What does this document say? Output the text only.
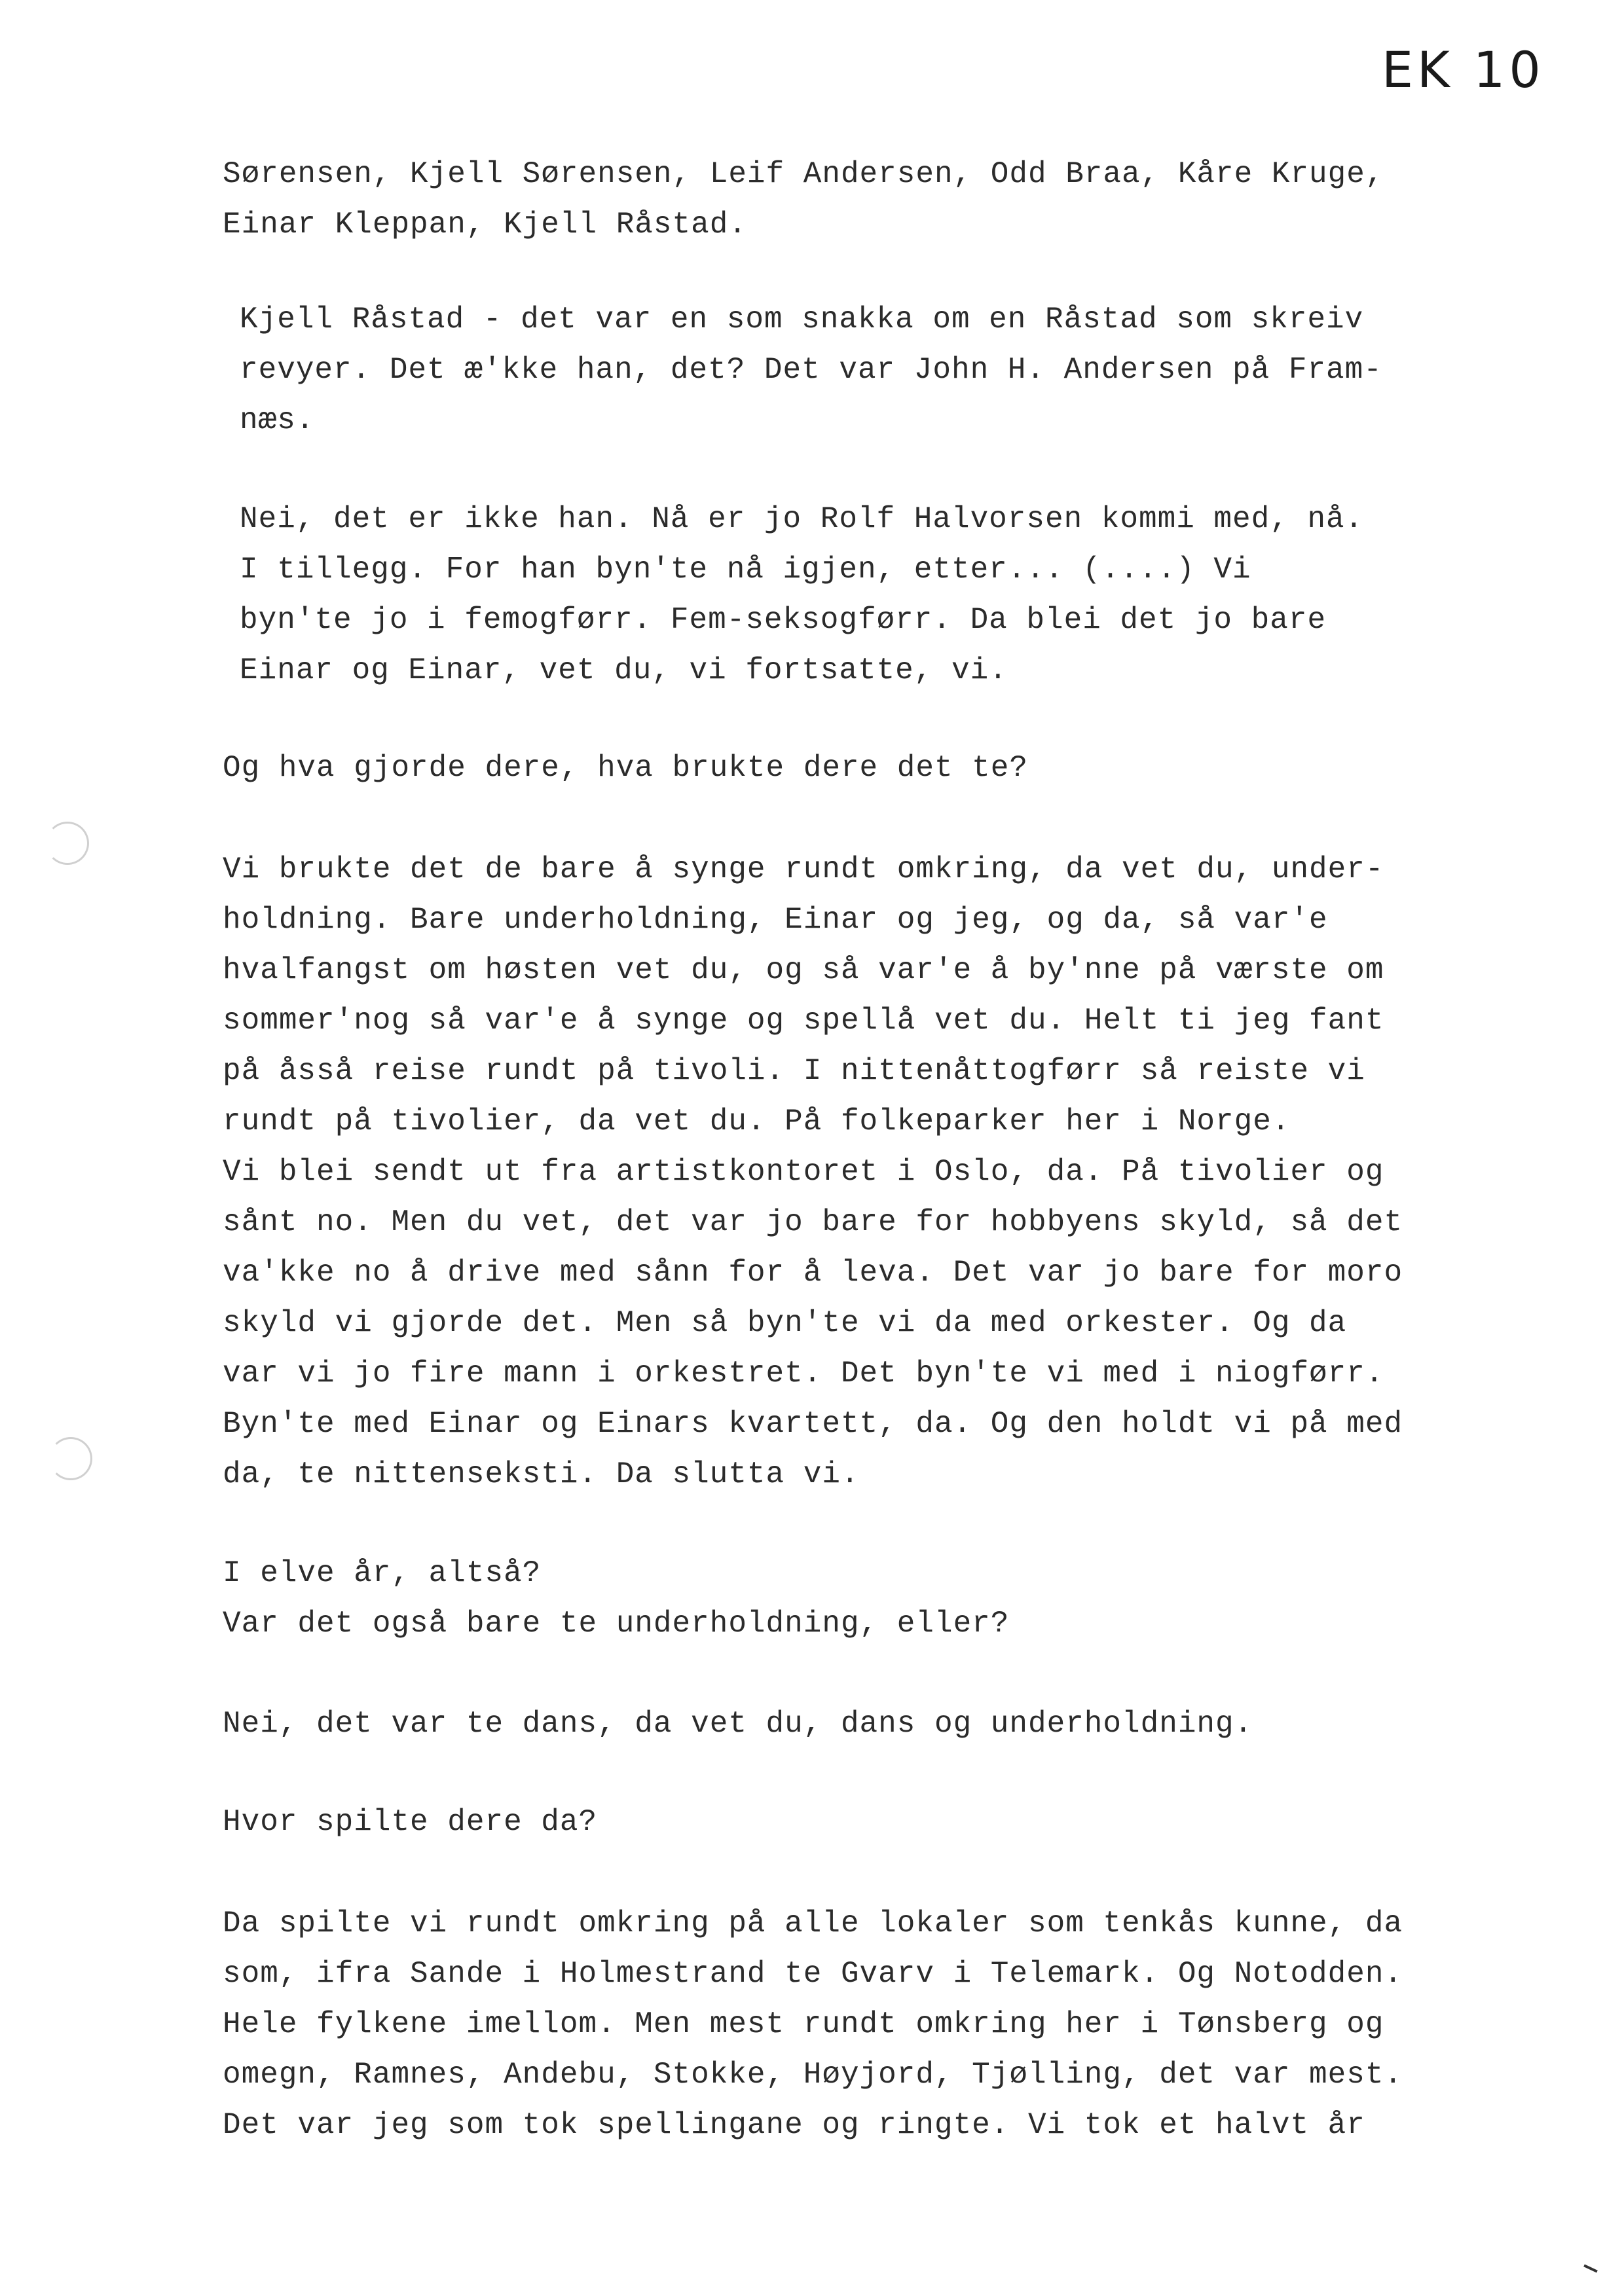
EK 10
Sørensen, Kjell Sørensen, Leif Andersen, Odd Braa, Kåre Kruge,
Einar Kleppan, Kjell Råstad.
Kjell Råstad - det var en som snakka om en Råstad som skreiv
revyer. Det æ'kke han, det? Det var John H. Andersen på Fram-
næs.
Nei, det er ikke han. Nå er jo Rolf Halvorsen kommi med, nå.
I tillegg. For han byn'te nå igjen, etter... (....) Vi
byn'te jo i femogførr. Fem-seksogførr. Da blei det jo bare
Einar og Einar, vet du, vi fortsatte, vi.
Og hva gjorde dere, hva brukte dere det te?
Vi brukte det de bare å synge rundt omkring, da vet du, under-
holdning. Bare underholdning, Einar og jeg, og da, så var'e
hvalfangst om høsten vet du, og så var'e å by'nne på værste om
sommer'nog så var'e å synge og spellå vet du. Helt ti jeg fant
på åsså reise rundt på tivoli. I nittenåttogførr så reiste vi
rundt på tivolier, da vet du. På folkeparker her i Norge.
Vi blei sendt ut fra artistkontoret i Oslo, da. På tivolier og
sånt no. Men du vet, det var jo bare for hobbyens skyld, så det
va'kke no å drive med sånn for å leva. Det var jo bare for moro
skyld vi gjorde det. Men så byn'te vi da med orkester. Og da
var vi jo fire mann i orkestret. Det byn'te vi med i niogførr.
Byn'te med Einar og Einars kvartett, da. Og den holdt vi på med
da, te nittenseksti. Da slutta vi.
I elve år, altså?
Var det også bare te underholdning, eller?
Nei, det var te dans, da vet du, dans og underholdning.
Hvor spilte dere da?
Da spilte vi rundt omkring på alle lokaler som tenkås kunne, da
som, ifra Sande i Holmestrand te Gvarv i Telemark. Og Notodden.
Hele fylkene imellom. Men mest rundt omkring her i Tønsberg og
omegn, Ramnes, Andebu, Stokke, Høyjord, Tjølling, det var mest.
Det var jeg som tok spellingane og ringte. Vi tok et halvt år
